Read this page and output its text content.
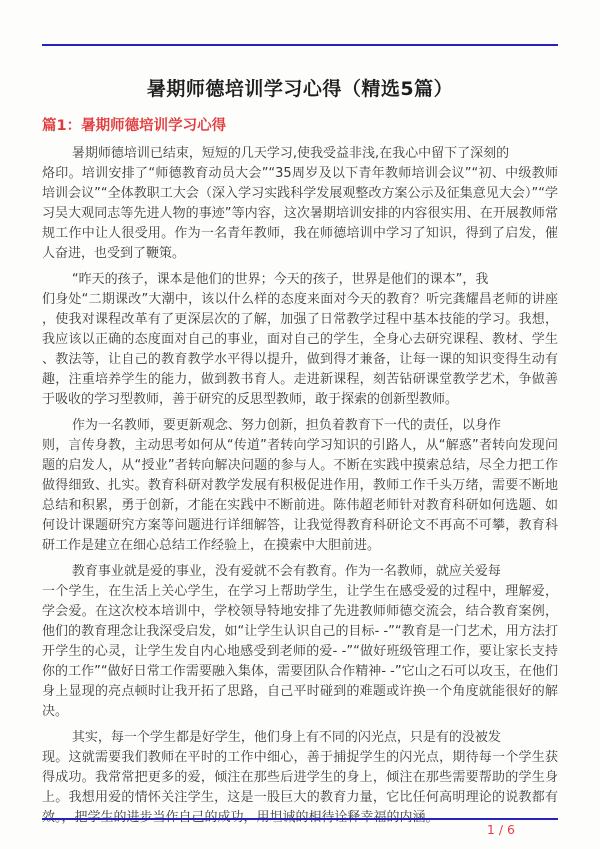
暑期师德培训学习心得（精选5篇）
篇1：暑期师德培训学习心得

暑期师德培训已结束，短短的几天学习,使我受益非浅,在我心中留下了深刻的
烙印。培训安排了“师德教育动员大会”“35周岁及以下青年教师培训会议”“初、中级教师培训会议”“全体教职工大会（深入学习实践科学发展观整改方案公示及征集意见大会）”“学习吴大观同志等先进人物的事迹”等内容，这次暑期培训安排的内容很实用、在开展教师常规工作中让人很受用。作为一名青年教师，我在师德培训中学习了知识，得到了启发，催人奋进，也受到了鞭策。

“昨天的孩子，课本是他们的世界；今天的孩子，世界是他们的课本”，我
们身处“二期课改”大潮中，该以什么样的态度来面对今天的教育？听完龚耀昌老师的讲座，使我对课程改革有了更深层次的了解，加强了日常教学过程中基本技能的学习。我想，我应该以正确的态度面对自己的事业，面对自己的学生，全身心去研究课程、教材、学生、教法等，让自己的教育教学水平得以提升，做到得才兼备，让每一课的知识变得生动有趣，注重培养学生的能力，做到教书育人。走进新课程，刻苦钻研课堂教学艺术，争做善于吸收的学习型教师，善于研究的反思型教师，敢于探索的创新型教师。

作为一名教师，要更新观念、努力创新，担负着教育下一代的责任，以身作
则，言传身教，主动思考如何从“传道”者转向学习知识的引路人，从“解惑”者转向发现问题的启发人，从“授业”者转向解决问题的参与人。不断在实践中摸索总结，尽全力把工作做得细致、扎实。教育科研对教学发展有积极促进作用，教师工作千头万绪，需要不断地总结和积累，勇于创新，才能在实践中不断前进。陈伟超老师针对教育科研如何选题、如何设计课题研究方案等问题进行详细解答，让我觉得教育科研论文不再高不可攀，教育科研工作是建立在细心总结工作经验上，在摸索中大胆前进。

教育事业就是爱的事业，没有爱就不会有教育。作为一名教师，就应关爱每
一个学生，在生活上关心学生，在学习上帮助学生，让学生在感受爱的过程中，理解爱，学会爱。在这次校本培训中，学校领导特地安排了先进教师师德交流会，结合教育案例，他们的教育理念让我深受启发，如“让学生认识自己的目标- -”“教育是一门艺术，用方法打开学生的心灵，让学生发自内心地感受到老师的爱- -”“做好班级管理工作，要让家长支持你的工作”“做好日常工作需要融入集体，需要团队合作精神- -”它山之石可以攻玉，在他们身上显现的亮点顿时让我开拓了思路，自己平时碰到的难题或许换一个角度就能很好的解决。

其实，每一个学生都是好学生，他们身上有不同的闪光点，只是有的没被发
现。这就需要我们教师在平时的工作中细心，善于捕捉学生的闪光点，期待每一个学生获得成功。我常常把更多的爱，倾注在那些后进学生的身上，倾注在那些需要帮助的学生身上。我想用爱的情怀关注学生，这是一股巨大的教育力量，它比任何高明理论的说教都有效。，把学生的进步当作自己的成功，用坦诚的相待诠释幸福的内涵。

1 / 6
